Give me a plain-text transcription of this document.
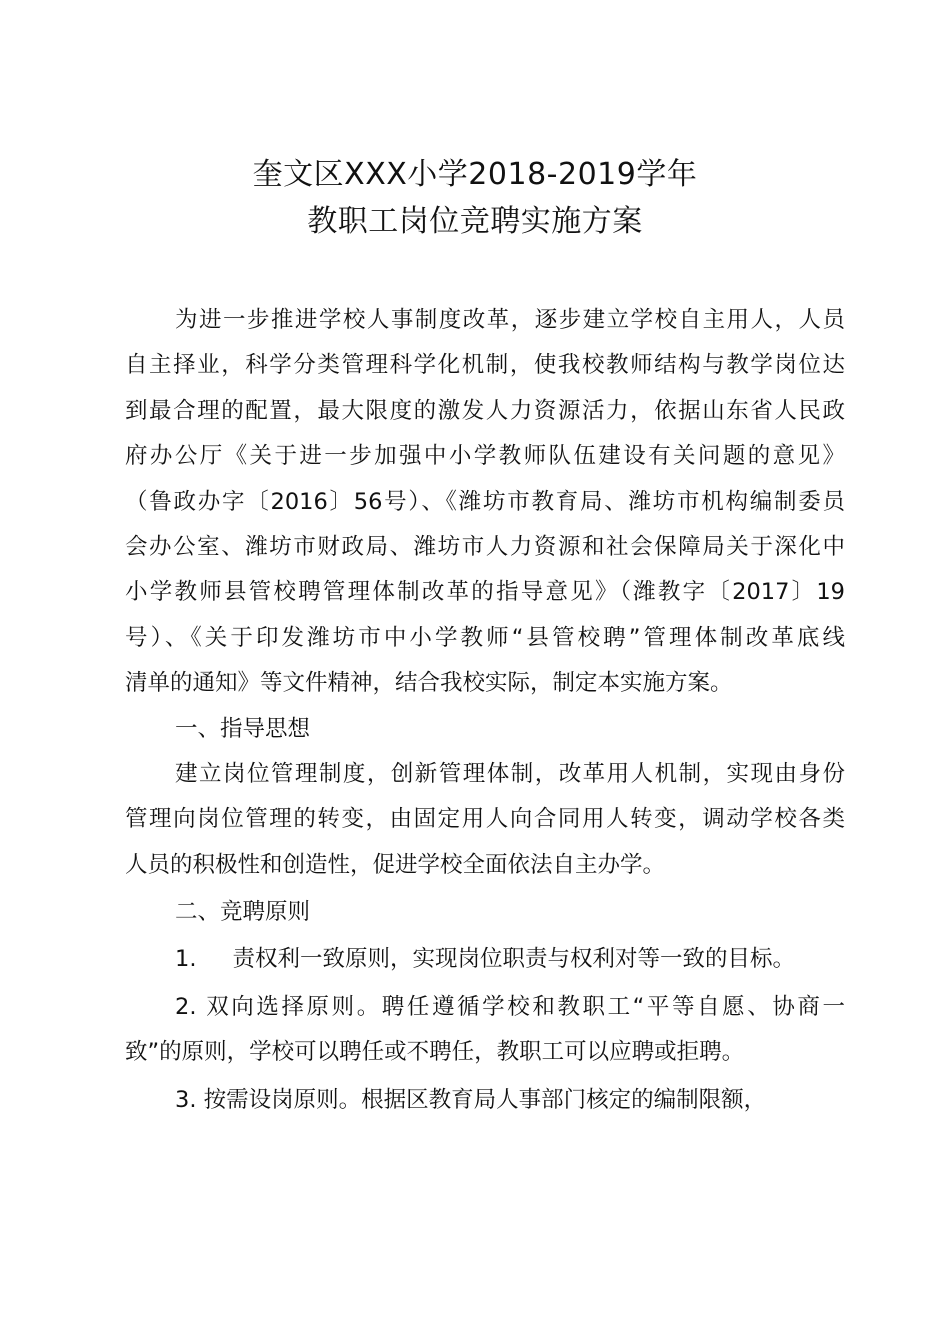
奎文区XXX小学2018-2019学年
教职工岗位竞聘实施方案
为进一步推进学校人事制度改革，逐步建立学校自主用人，人员
自主择业，科学分类管理科学化机制，使我校教师结构与教学岗位达
到最合理的配置，最大限度的激发人力资源活力，依据山东省人民政
府办公厅《关于进一步加强中小学教师队伍建设有关问题的意见》
（鲁政办字〔2016〕56号）、《潍坊市教育局、潍坊市机构编制委员
会办公室、潍坊市财政局、潍坊市人力资源和社会保障局关于深化中
小学教师县管校聘管理体制改革的指导意见》（潍教字〔2017〕19
号）、《关于印发潍坊市中小学教师“县管校聘”管理体制改革底线
清单的通知》等文件精神，结合我校实际，制定本实施方案。
一、指导思想
建立岗位管理制度，创新管理体制，改革用人机制，实现由身份
管理向岗位管理的转变，由固定用人向合同用人转变，调动学校各类
人员的积极性和创造性，促进学校全面依法自主办学。
二、竞聘原则
1. 责权利一致原则，实现岗位职责与权利对等一致的目标。
2. 双向选择原则。聘任遵循学校和教职工“平等自愿、协商一
致”的原则，学校可以聘任或不聘任，教职工可以应聘或拒聘。
3. 按需设岗原则。根据区教育局人事部门核定的编制限额，
